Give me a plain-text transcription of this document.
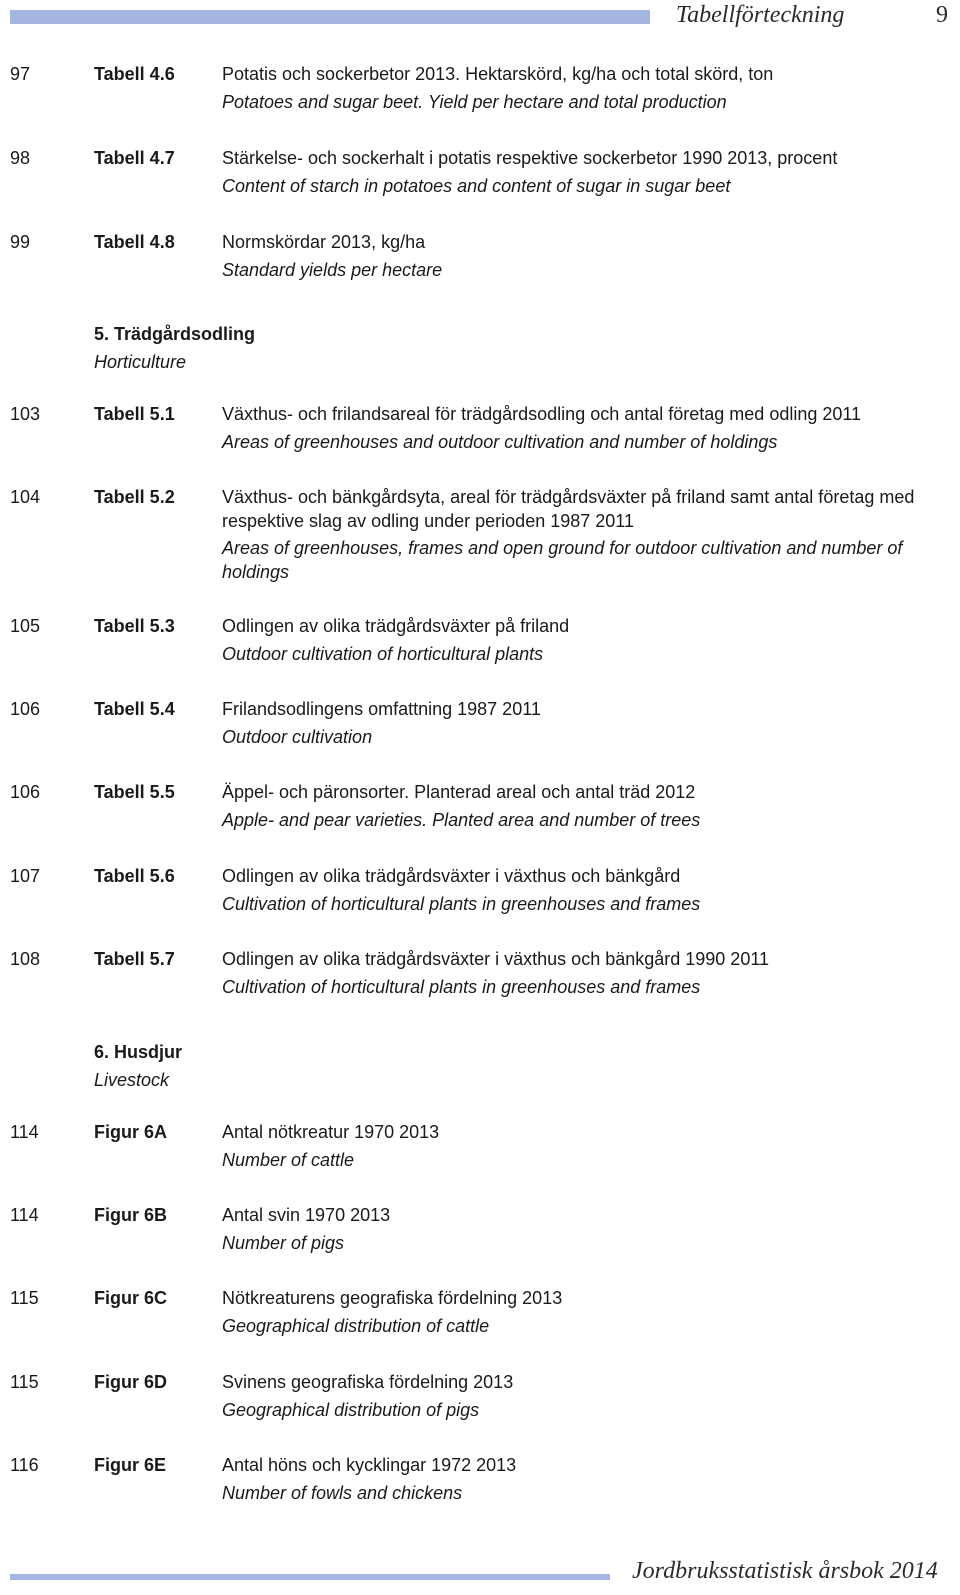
Tabellförteckning	9
97	Tabell 4.6	Potatis och sockerbetor 2013. Hektarskörd, kg/ha och total skörd, ton
Potatoes and sugar beet. Yield per hectare and total production
98	Tabell 4.7	Stärkelse- och sockerhalt i potatis respektive sockerbetor 1990 2013, procent
Content of starch in potatoes and content of sugar in sugar beet
99	Tabell 4.8	Normskördar 2013, kg/ha
Standard yields per hectare
5. Trädgårdsodling
Horticulture
103	Tabell 5.1	Växthus- och frilandsareal för trädgårdsodling och antal företag med odling 2011
Areas of greenhouses and outdoor cultivation and number of holdings
104	Tabell 5.2	Växthus- och bänkgårdsyta, areal för trädgårdsväxter på friland samt antal företag med respektive slag av odling under perioden 1987 2011
Areas of greenhouses, frames and open ground for outdoor cultivation and number of holdings
105	Tabell 5.3	Odlingen av olika trädgårdsväxter på friland
Outdoor cultivation of horticultural plants
106	Tabell 5.4	Frilandsodlingens omfattning 1987 2011
Outdoor cultivation
106	Tabell 5.5	Äppel- och päronsorter. Planterad areal och antal träd 2012
Apple- and pear varieties. Planted area and number of trees
107	Tabell 5.6	Odlingen av olika trädgårdsväxter i växthus och bänkgård
Cultivation of horticultural plants in greenhouses and frames
108	Tabell 5.7	Odlingen av olika trädgårdsväxter i växthus och bänkgård 1990 2011
Cultivation of horticultural plants in greenhouses and frames
6. Husdjur
Livestock
114	Figur 6A	Antal nötkreatur 1970 2013
Number of cattle
114	Figur 6B	Antal svin 1970 2013
Number of pigs
115	Figur 6C	Nötkreaturens geografiska fördelning 2013
Geographical distribution of cattle
115	Figur 6D	Svinens geografiska fördelning 2013
Geographical distribution of pigs
116	Figur 6E	Antal höns och kycklingar 1972 2013
Number of fowls and chickens
Jordbruksstatistisk årsbok 2014
